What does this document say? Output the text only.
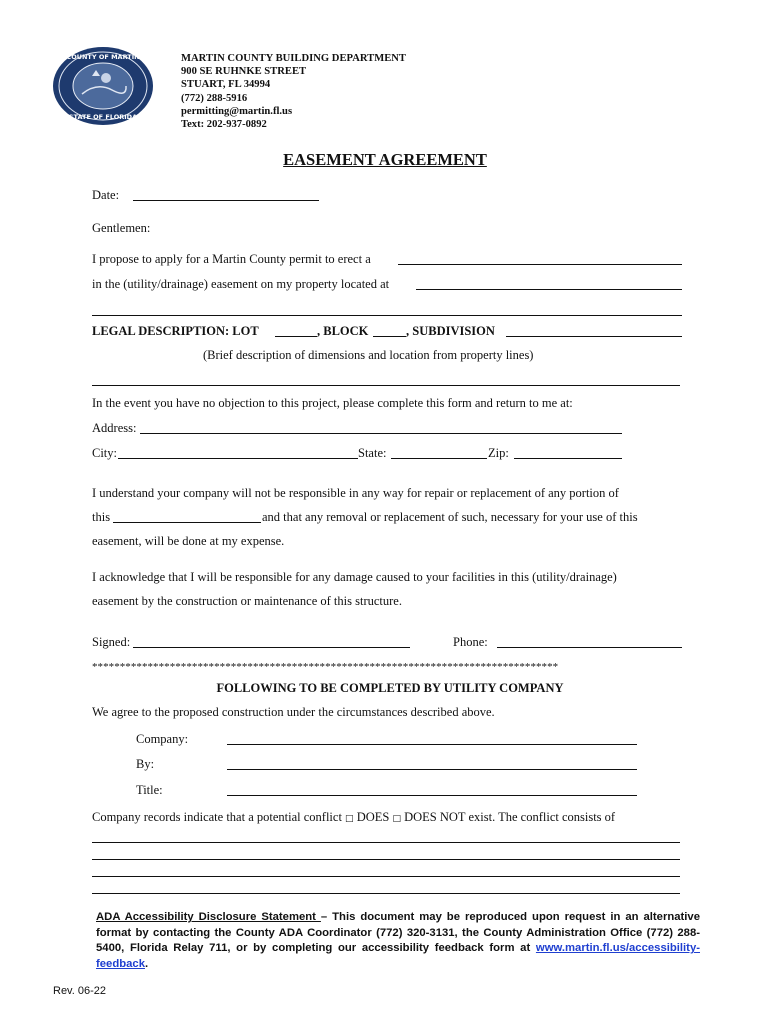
COUNTY OF MARTIN
STATE OF FLORIDA
MARTIN COUNTY BUILDING DEPARTMENT
900 SE RUHNKE STREET
STUART, FL 34994
(772) 288-5916
permitting@martin.fl.us
Text: 202-937-0892
EASEMENT AGREEMENT
Date:
Gentlemen:
I propose to apply for a Martin County permit to erect a
in the (utility/drainage) easement on my property located at
LEGAL DESCRIPTION: LOT	, BLOCK	, SUBDIVISION
(Brief description of dimensions and location from property lines)
In the event you have no objection to this project, please complete this form and return to me at:
Address:
City:	State:	Zip:
I understand your company will not be responsible in any way for repair or replacement of any portion of
this	and that any removal or replacement of such, necessary for your use of this
easement, will be done at my expense.
I acknowledge that I will be responsible for any damage caused to your facilities in this (utility/drainage)
easement by the construction or maintenance of this structure.
Signed:	Phone:
************************************************************************************
FOLLOWING TO BE COMPLETED BY UTILITY COMPANY
We agree to the proposed construction under the circumstances described above.
Company:
By:
Title:
Company records indicate that a potential conflict □ DOES □ DOES NOT exist. The conflict consists of
ADA Accessibility Disclosure Statement – This document may be reproduced upon request in an alternative format by contacting the County ADA Coordinator (772) 320-3131, the County Administration Office (772) 288-5400, Florida Relay 711, or by completing our accessibility feedback form at www.martin.fl.us/accessibility-feedback.
Rev. 06-22
